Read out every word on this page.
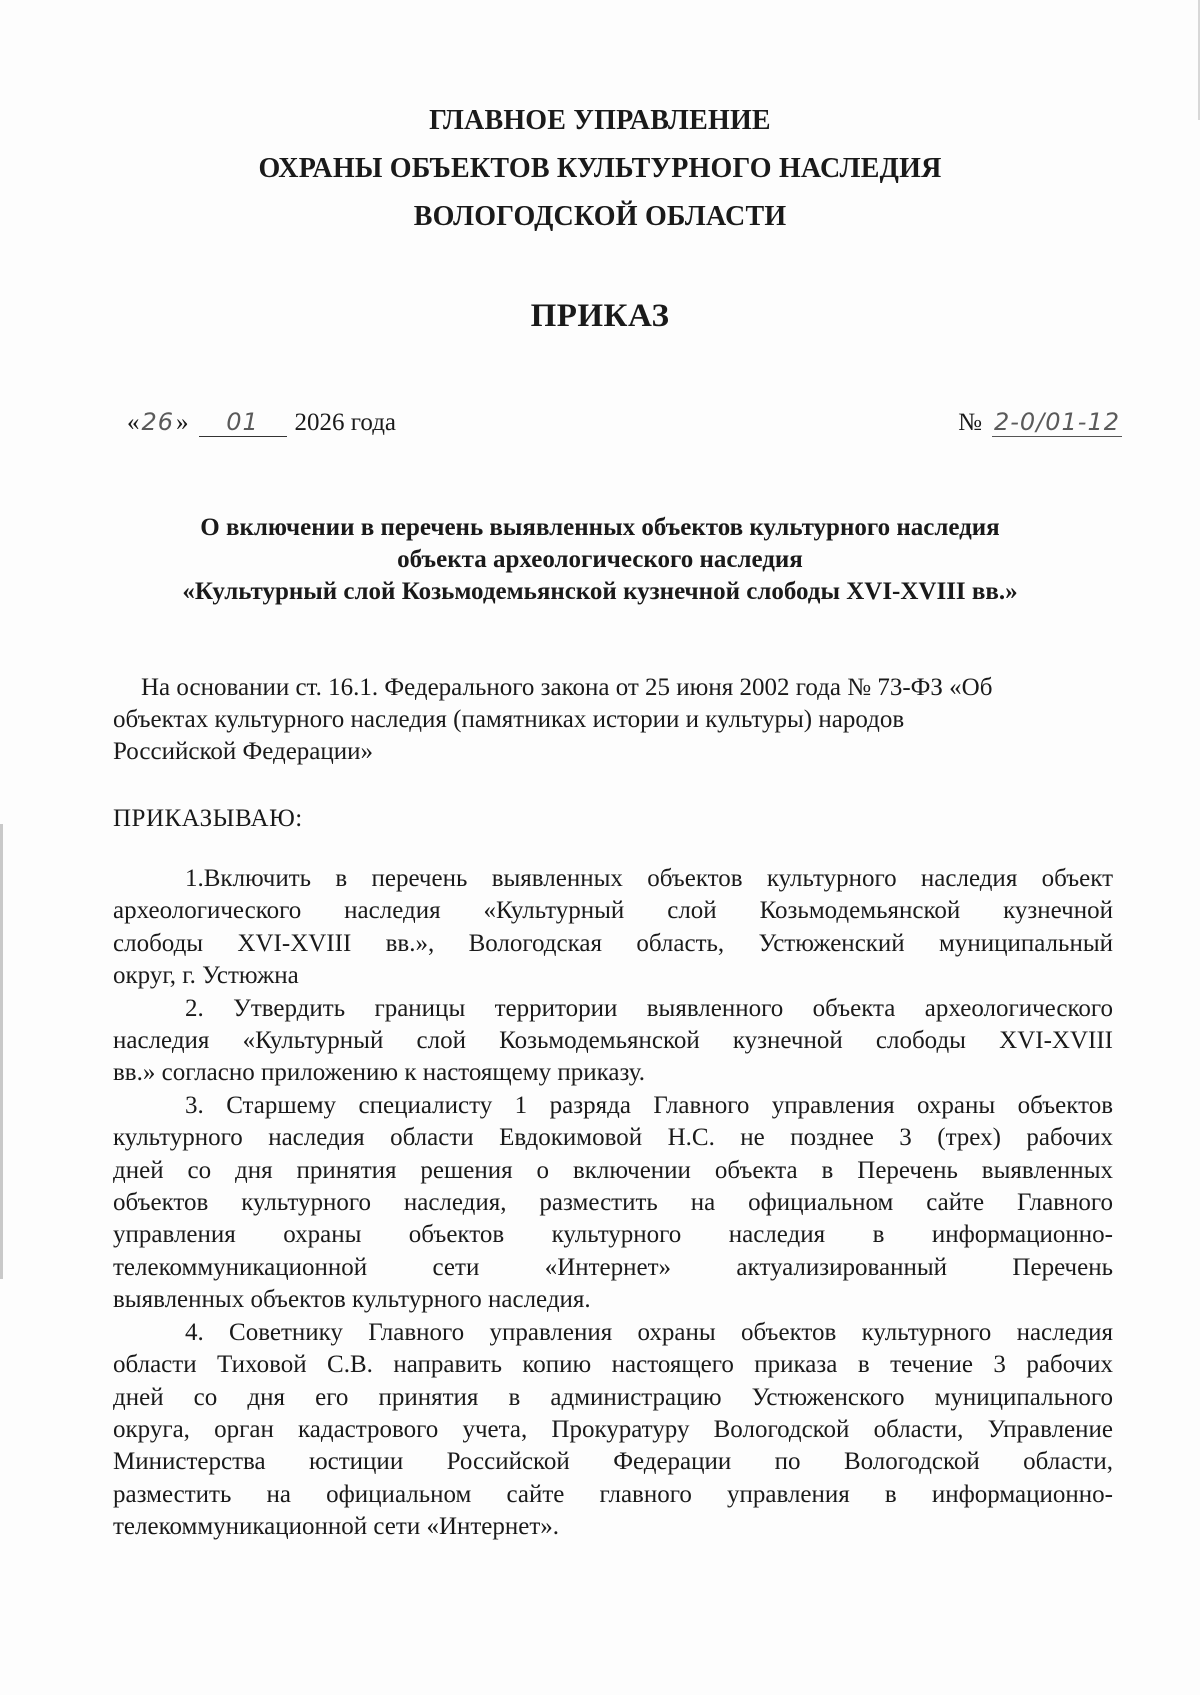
ГЛАВНОЕ УПРАВЛЕНИЕ
ОХРАНЫ ОБЪЕКТОВ КУЛЬТУРНОГО НАСЛЕДИЯ
ВОЛОГОДСКОЙ ОБЛАСТИ
ПРИКАЗ
«26» 01 2026 года	№ 2-0/01-12
О включении в перечень выявленных объектов культурного наследия
объекта археологического наследия
«Культурный слой Козьмодемьянской кузнечной слободы XVI-XVIII вв.»
На основании ст. 16.1. Федерального закона от 25 июня 2002 года № 73-ФЗ «Об
объектах культурного наследия (памятниках истории и культуры) народов
Российской Федерации»
ПРИКАЗЫВАЮ:
1.Включить в перечень выявленных объектов культурного наследия объект
археологического наследия «Культурный слой Козьмодемьянской кузнечной
слободы XVI-XVIII вв.», Вологодская область, Устюженский муниципальный
округ, г. Устюжна
2. Утвердить границы территории выявленного объекта археологического
наследия «Культурный слой Козьмодемьянской кузнечной слободы XVI-XVIII
вв.» согласно приложению к настоящему приказу.
3. Старшему специалисту 1 разряда Главного управления охраны объектов
культурного наследия области Евдокимовой Н.С. не позднее 3 (трех) рабочих
дней со дня принятия решения о включении объекта в Перечень выявленных
объектов культурного наследия, разместить на официальном сайте Главного
управления охраны объектов культурного наследия в информационно-
телекоммуникационной сети «Интернет» актуализированный Перечень
выявленных объектов культурного наследия.
4. Советнику Главного управления охраны объектов культурного наследия
области Тиховой С.В. направить копию настоящего приказа в течение 3 рабочих
дней со дня его принятия в администрацию Устюженского муниципального
округа, орган кадастрового учета, Прокуратуру Вологодской области, Управление
Министерства юстиции Российской Федерации по Вологодской области,
разместить на официальном сайте главного управления в информационно-
телекоммуникационной сети «Интернет».
